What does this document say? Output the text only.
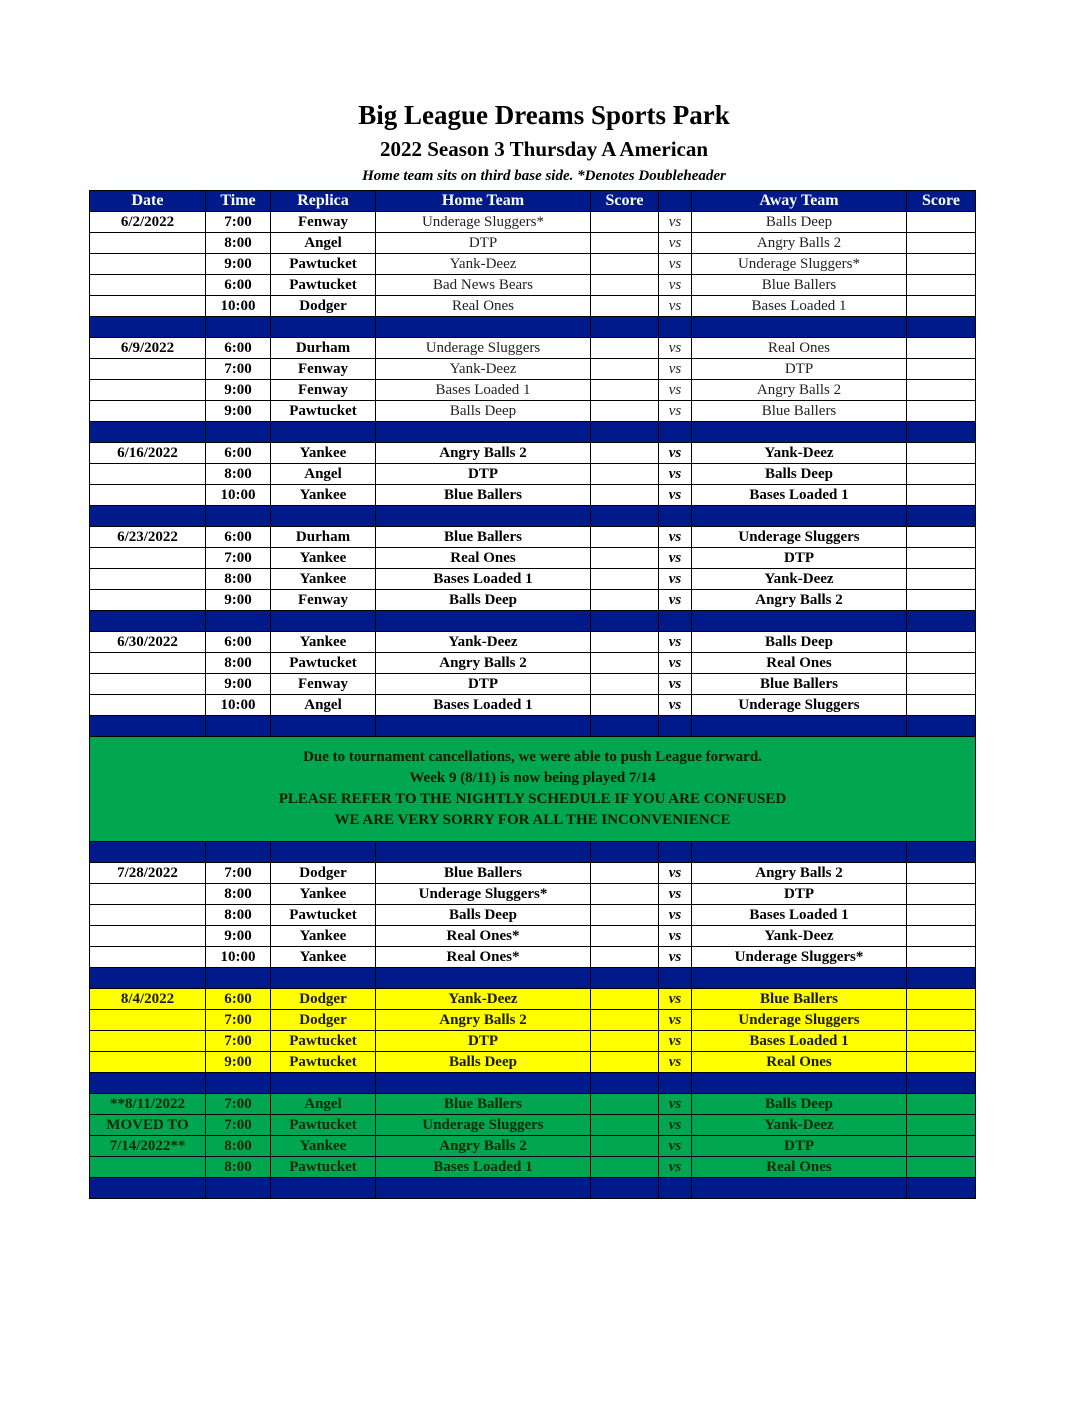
Big League Dreams Sports Park
2022 Season 3 Thursday A American
Home team sits on third base side. *Denotes Doubleheader
Date	Time	Replica	Home Team	Score		Away Team	Score
6/2/2022	7:00	Fenway	Underage Sluggers*		vs	Balls Deep	
	8:00	Angel	DTP		vs	Angry Balls 2	
	9:00	Pawtucket	Yank-Deez		vs	Underage Sluggers*	
	6:00	Pawtucket	Bad News Bears		vs	Blue Ballers	
	10:00	Dodger	Real Ones		vs	Bases Loaded 1	

6/9/2022	6:00	Durham	Underage Sluggers		vs	Real Ones	
	7:00	Fenway	Yank-Deez		vs	DTP	
	9:00	Fenway	Bases Loaded 1		vs	Angry Balls 2	
	9:00	Pawtucket	Balls Deep		vs	Blue Ballers	

6/16/2022	6:00	Yankee	Angry Balls 2		vs	Yank-Deez	
	8:00	Angel	DTP		vs	Balls Deep	
	10:00	Yankee	Blue Ballers		vs	Bases Loaded 1	

6/23/2022	6:00	Durham	Blue Ballers		vs	Underage Sluggers	
	7:00	Yankee	Real Ones		vs	DTP	
	8:00	Yankee	Bases Loaded 1		vs	Yank-Deez	
	9:00	Fenway	Balls Deep		vs	Angry Balls 2	

6/30/2022	6:00	Yankee	Yank-Deez		vs	Balls Deep	
	8:00	Pawtucket	Angry Balls 2		vs	Real Ones	
	9:00	Fenway	DTP		vs	Blue Ballers	
	10:00	Angel	Bases Loaded 1		vs	Underage Sluggers	

Due to tournament cancellations, we were able to push League forward.
Week 9 (8/11) is now being played 7/14
PLEASE REFER TO THE NIGHTLY SCHEDULE IF YOU ARE CONFUSED
WE ARE VERY SORRY FOR ALL THE INCONVENIENCE							

7/28/2022	7:00	Dodger	Blue Ballers		vs	Angry Balls 2	
	8:00	Yankee	Underage Sluggers*		vs	DTP	
	8:00	Pawtucket	Balls Deep		vs	Bases Loaded 1	
	9:00	Yankee	Real Ones*		vs	Yank-Deez	
	10:00	Yankee	Real Ones*		vs	Underage Sluggers*	

8/4/2022	6:00	Dodger	Yank-Deez		vs	Blue Ballers	
	7:00	Dodger	Angry Balls 2		vs	Underage Sluggers	
	7:00	Pawtucket	DTP		vs	Bases Loaded 1	
	9:00	Pawtucket	Balls Deep		vs	Real Ones	

**8/11/2022	7:00	Angel	Blue Ballers		vs	Balls Deep	
MOVED TO	7:00	Pawtucket	Underage Sluggers		vs	Yank-Deez	
7/14/2022**	8:00	Yankee	Angry Balls 2		vs	DTP	
	8:00	Pawtucket	Bases Loaded 1		vs	Real Ones	
